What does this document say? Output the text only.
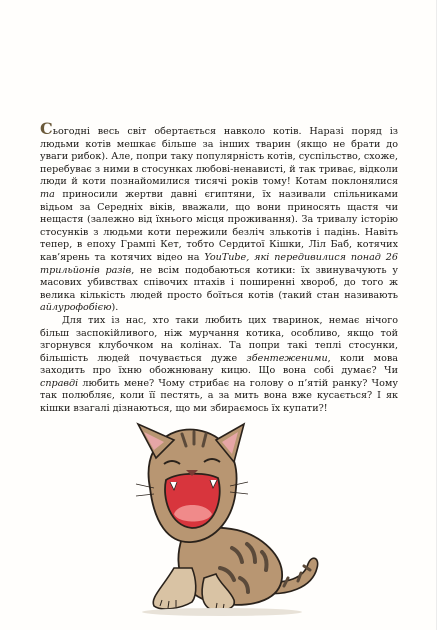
Сьогодні весь світ обертається навколо котів. Наразі поряд із людьми котів мешкає більше за інших тварин (якщо не брати до уваги рибок). Але, попри таку популярність котів, суспільство, схоже, перебуває з ними в стосунках любові-ненависті, й так триває, відколи люди й коти познайомилися тисячі років тому! Котам поклонялися та приносили жертви давні єгиптяни, їх називали спільниками відьом за Середніх віків, вважали, що вони приносять щастя чи нещастя (залежно від їхнього місця проживання). За тривалу історію стосунків з людьми коти пережили безліч злькотів і падінь. Навіть тепер, в епоху Грампі Кет, тобто Сердитої Кішки, Ліл Баб, котячих кав’ярень та котячих відео на YouTube, які передивилися понад 26 трильйонів разів, не всім подобаються котики: їх звинувачують у масових убивствах співочих птахів і поширенні хвороб, до того ж велика кількість людей просто боїться котів (такий стан називають айлурофобією).

Для тих із нас, хто таки любить цих тваринок, немає нічого більш заспокійливого, ніж мурчання котика, особливо, якщо той згорнувся клубочком на колінах. Та попри такі теплі стосунки, більшість людей почувається дуже збентеженими, коли мова заходить про їхню обожнювану кицю. Що вона собі думає? Чи справді любить мене? Чому стрибає на голову о п’ятій ранку? Чому так полюбляє, коли її пестять, а за мить вона вже кусається? І як кішки взагалі дізнаються, що ми збираємось їх купати?!
